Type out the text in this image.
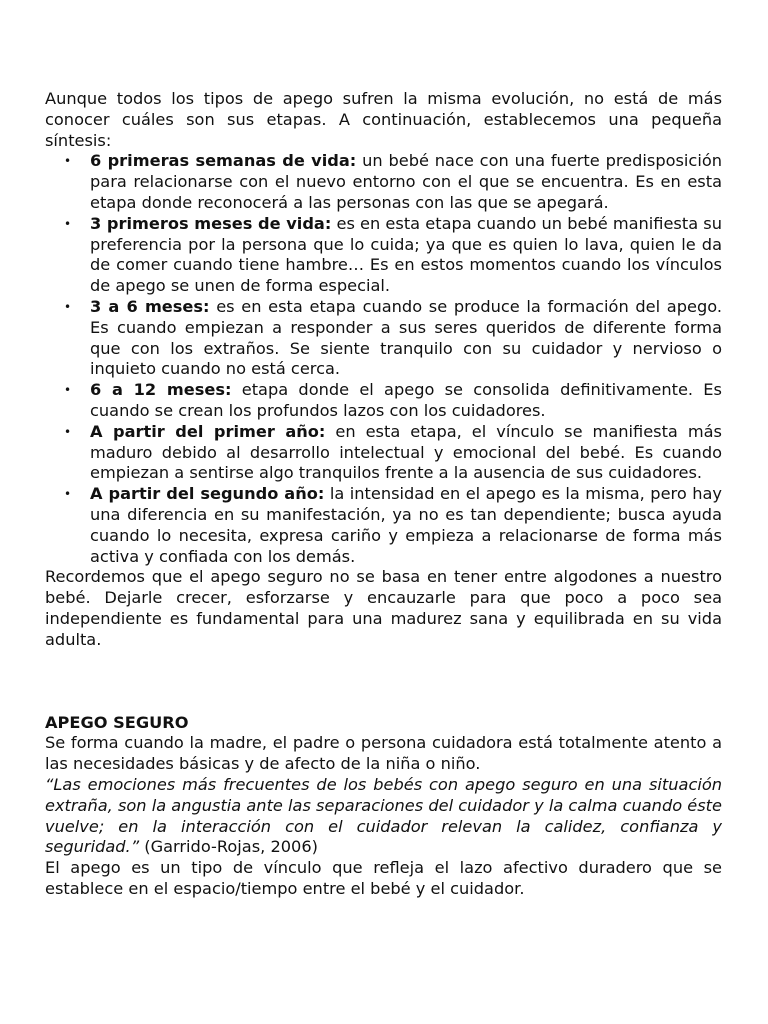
Aunque todos los tipos de apego sufren la misma evolución, no está de más conocer cuáles son sus etapas. A continuación, establecemos una pequeña síntesis:

• 6 primeras semanas de vida: un bebé nace con una fuerte predisposición para relacionarse con el nuevo entorno con el que se encuentra. Es en esta etapa donde reconocerá a las personas con las que se apegará.
• 3 primeros meses de vida: es en esta etapa cuando un bebé manifiesta su preferencia por la persona que lo cuida; ya que es quien lo lava, quien le da de comer cuando tiene hambre… Es en estos momentos cuando los vínculos de apego se unen de forma especial.
• 3 a 6 meses: es en esta etapa cuando se produce la formación del apego. Es cuando empiezan a responder a sus seres queridos de diferente forma que con los extraños. Se siente tranquilo con su cuidador y nervioso o inquieto cuando no está cerca.
• 6 a 12 meses: etapa donde el apego se consolida definitivamente. Es cuando se crean los profundos lazos con los cuidadores.
• A partir del primer año: en esta etapa, el vínculo se manifiesta más maduro debido al desarrollo intelectual y emocional del bebé. Es cuando empiezan a sentirse algo tranquilos frente a la ausencia de sus cuidadores.
• A partir del segundo año: la intensidad en el apego es la misma, pero hay una diferencia en su manifestación, ya no es tan dependiente; busca ayuda cuando lo necesita, expresa cariño y empieza a relacionarse de forma más activa y confiada con los demás.

Recordemos que el apego seguro no se basa en tener entre algodones a nuestro bebé. Dejarle crecer, esforzarse y encauzarle para que poco a poco sea independiente es fundamental para una madurez sana y equilibrada en su vida adulta.

APEGO SEGURO

Se forma cuando la madre, el padre o persona cuidadora está totalmente atento a las necesidades básicas y de afecto de la niña o niño.

“Las emociones más frecuentes de los bebés con apego seguro en una situación extraña, son la angustia ante las separaciones del cuidador y la calma cuando éste vuelve; en la interacción con el cuidador relevan la calidez, confianza y seguridad.” (Garrido-Rojas, 2006)

El apego es un tipo de vínculo que refleja el lazo afectivo duradero que se establece en el espacio/tiempo entre el bebé y el cuidador.
